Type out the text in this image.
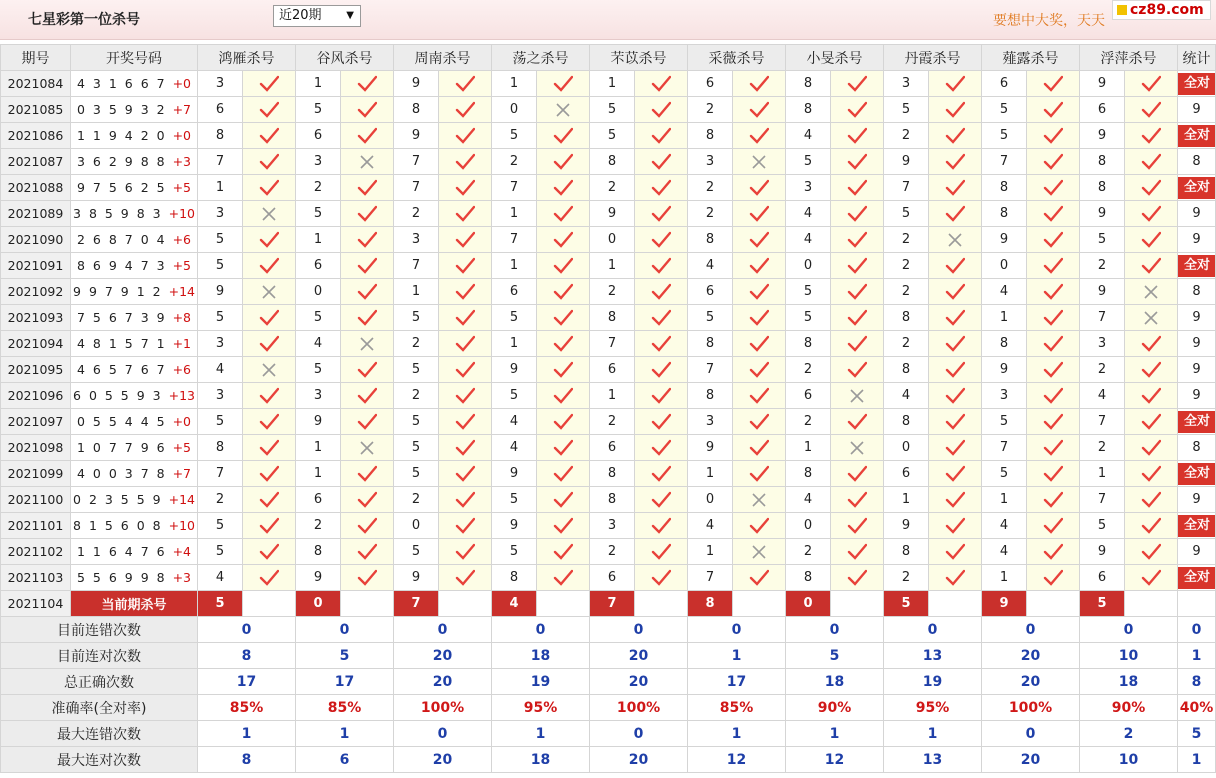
七星彩第一位杀号	近20期 ▼	要想中大奖，天天
cz89.com
期号	开奖号码	鸿雁杀号		谷风杀号		周南杀号		荡之杀号		芣苡杀号		采薇杀号		小旻杀号		丹霞杀号		薤露杀号		浮萍杀号		统计
2021084	4 3 1 6 6 7 +0	3		1		9		1		1		6		8		3		6		9		全对
2021085	0 3 5 9 3 2 +7	6		5		8		0		5		2		8		5		5		6		9
2021086	1 1 9 4 2 0 +0	8		6		9		5		5		8		4		2		5		9		全对
2021087	3 6 2 9 8 8 +3	7		3		7		2		8		3		5		9		7		8		8
2021088	9 7 5 6 2 5 +5	1		2		7		7		2		2		3		7		8		8		全对
2021089	3 8 5 9 8 3 +10	3		5		2		1		9		2		4		5		8		9		9
2021090	2 6 8 7 0 4 +6	5		1		3		7		0		8		4		2		9		5		9
2021091	8 6 9 4 7 3 +5	5		6		7		1		1		4		0		2		0		2		全对
2021092	9 9 7 9 1 2 +14	9		0		1		6		2		6		5		2		4		9		8
2021093	7 5 6 7 3 9 +8	5		5		5		5		8		5		5		8		1		7		9
2021094	4 8 1 5 7 1 +1	3		4		2		1		7		8		8		2		8		3		9
2021095	4 6 5 7 6 7 +6	4		5		5		9		6		7		2		8		9		2		9
2021096	6 0 5 5 9 3 +13	3		3		2		5		1		8		6		4		3		4		9
2021097	0 5 5 4 4 5 +0	5		9		5		4		2		3		2		8		5		7		全对
2021098	1 0 7 7 9 6 +5	8		1		5		4		6		9		1		0		7		2		8
2021099	4 0 0 3 7 8 +7	7		1		5		9		8		1		8		6		5		1		全对
2021100	0 2 3 5 5 9 +14	2		6		2		5		8		0		4		1		1		7		9
2021101	8 1 5 6 0 8 +10	5		2		0		9		3		4		0		9		4		5		全对
2021102	1 1 6 4 7 6 +4	5		8		5		5		2		1		2		8		4		9		9
2021103	5 5 6 9 9 8 +3	4		9		9		8		6		7		8		2		1		6		全对
2021104	当前期杀号	5		0		7		4		7		8		0		5		9		5		
目前连错次数		0		0		0		0		0		0		0		0		0		0		0
目前连对次数		8		5		20		18		20		1		5		13		20		10		1
总正确次数		17		17		20		19		20		17		18		19		20		18		8
准确率(全对率)		85%		85%		100%		95%		100%		85%		90%		95%		100%		90%		40%
最大连错次数		1		1		0		1		0		1		1		1		0		2		5
最大连对次数		8		6		20		18		20		12		12		13		20		10		1
